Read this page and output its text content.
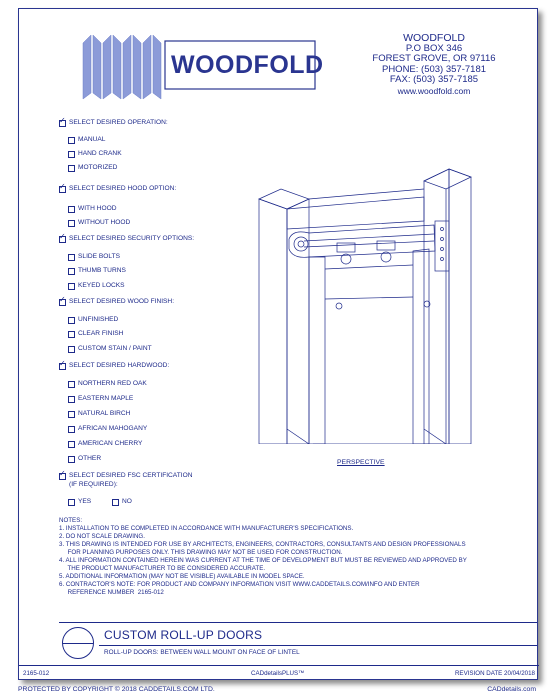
WOODFOLD
WOODFOLD
P.O BOX 346
FOREST GROVE, OR 97116
PHONE: (503) 357-7181
FAX: (503) 357-7185
www.woodfold.com
✓
SELECT DESIRED OPERATION:
MANUAL
HAND CRANK
MOTORIZED
✓
SELECT DESIRED HOOD OPTION:
WITH HOOD
WITHOUT HOOD
✓
SELECT DESIRED SECURITY OPTIONS:
SLIDE BOLTS
THUMB TURNS
KEYED LOCKS
✓
SELECT DESIRED WOOD FINISH:
UNFINISHED
CLEAR FINISH
CUSTOM STAIN / PAINT
✓
SELECT DESIRED HARDWOOD:
NORTHERN RED OAK
EASTERN MAPLE
NATURAL BIRCH
AFRICAN MAHOGANY
AMERICAN CHERRY
OTHER
✓
SELECT DESIRED FSC CERTIFICATION
(IF REQUIRED):
YES	NO
PERSPECTIVE
NOTES:
1. INSTALLATION TO BE COMPLETED IN ACCORDANCE WITH MANUFACTURER'S SPECIFICATIONS.
2. DO NOT SCALE DRAWING.
3. THIS DRAWING IS INTENDED FOR USE BY ARCHITECTS, ENGINEERS, CONTRACTORS, CONSULTANTS AND DESIGN PROFESSIONALS
FOR PLANNING PURPOSES ONLY. THIS DRAWING MAY NOT BE USED FOR CONSTRUCTION.
4. ALL INFORMATION CONTAINED HEREIN WAS CURRENT AT THE TIME OF DEVELOPMENT BUT MUST BE REVIEWED AND APPROVED BY
THE PRODUCT MANUFACTURER TO BE CONSIDERED ACCURATE.
5. ADDITIONAL INFORMATION (MAY NOT BE VISIBLE) AVAILABLE IN MODEL SPACE.
6. CONTRACTOR'S NOTE: FOR PRODUCT AND COMPANY INFORMATION VISIT WWW.CADDETAILS.COM/INFO AND ENTER
REFERENCE NUMBER  2165-012
CUSTOM ROLL-UP DOORS
ROLL-UP DOORS: BETWEEN WALL MOUNT ON FACE OF LINTEL
2165-012	CADdetailsPLUS™	REVISION DATE 20/04/2018
PROTECTED BY COPYRIGHT © 2018 CADDETAILS.COM LTD.	CADdetails.com
